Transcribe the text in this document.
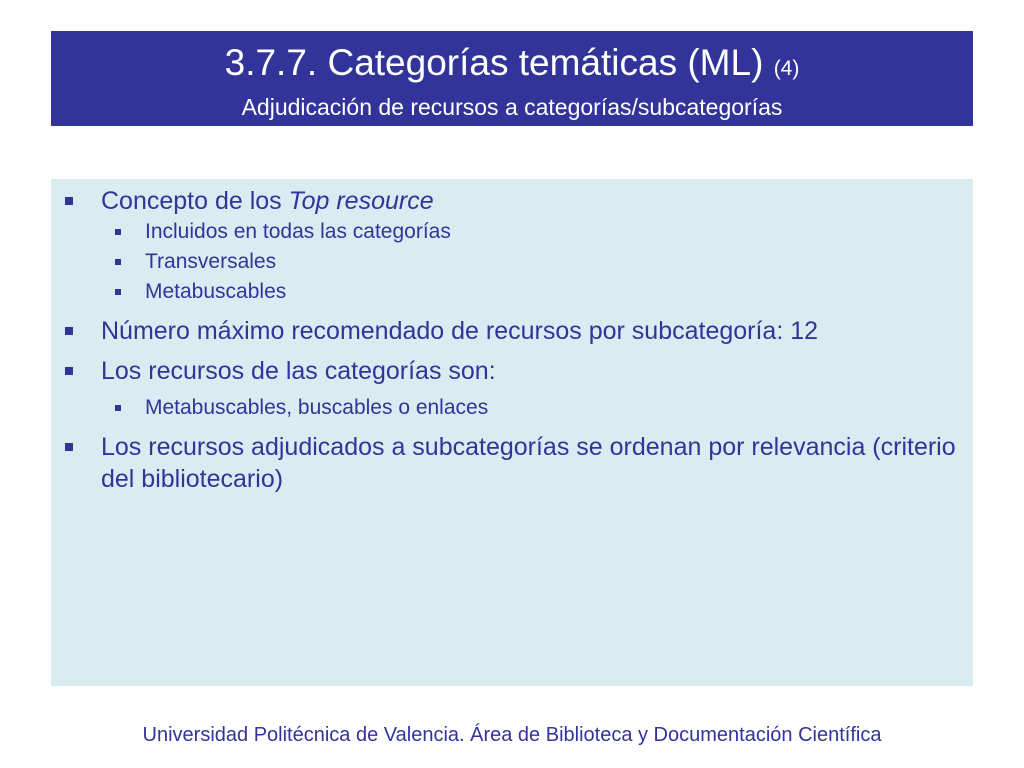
3.7.7. Categorías temáticas (ML) (4)
Adjudicación de recursos a categorías/subcategorías
Concepto de los Top resource
Incluidos en todas las categorías
Transversales
Metabuscables
Número máximo recomendado de recursos por subcategoría: 12
Los recursos de las categorías son:
Metabuscables, buscables o enlaces
Los recursos adjudicados a subcategorías se ordenan por relevancia (criterio del bibliotecario)
Universidad Politécnica de Valencia. Área de Biblioteca y Documentación Científica
